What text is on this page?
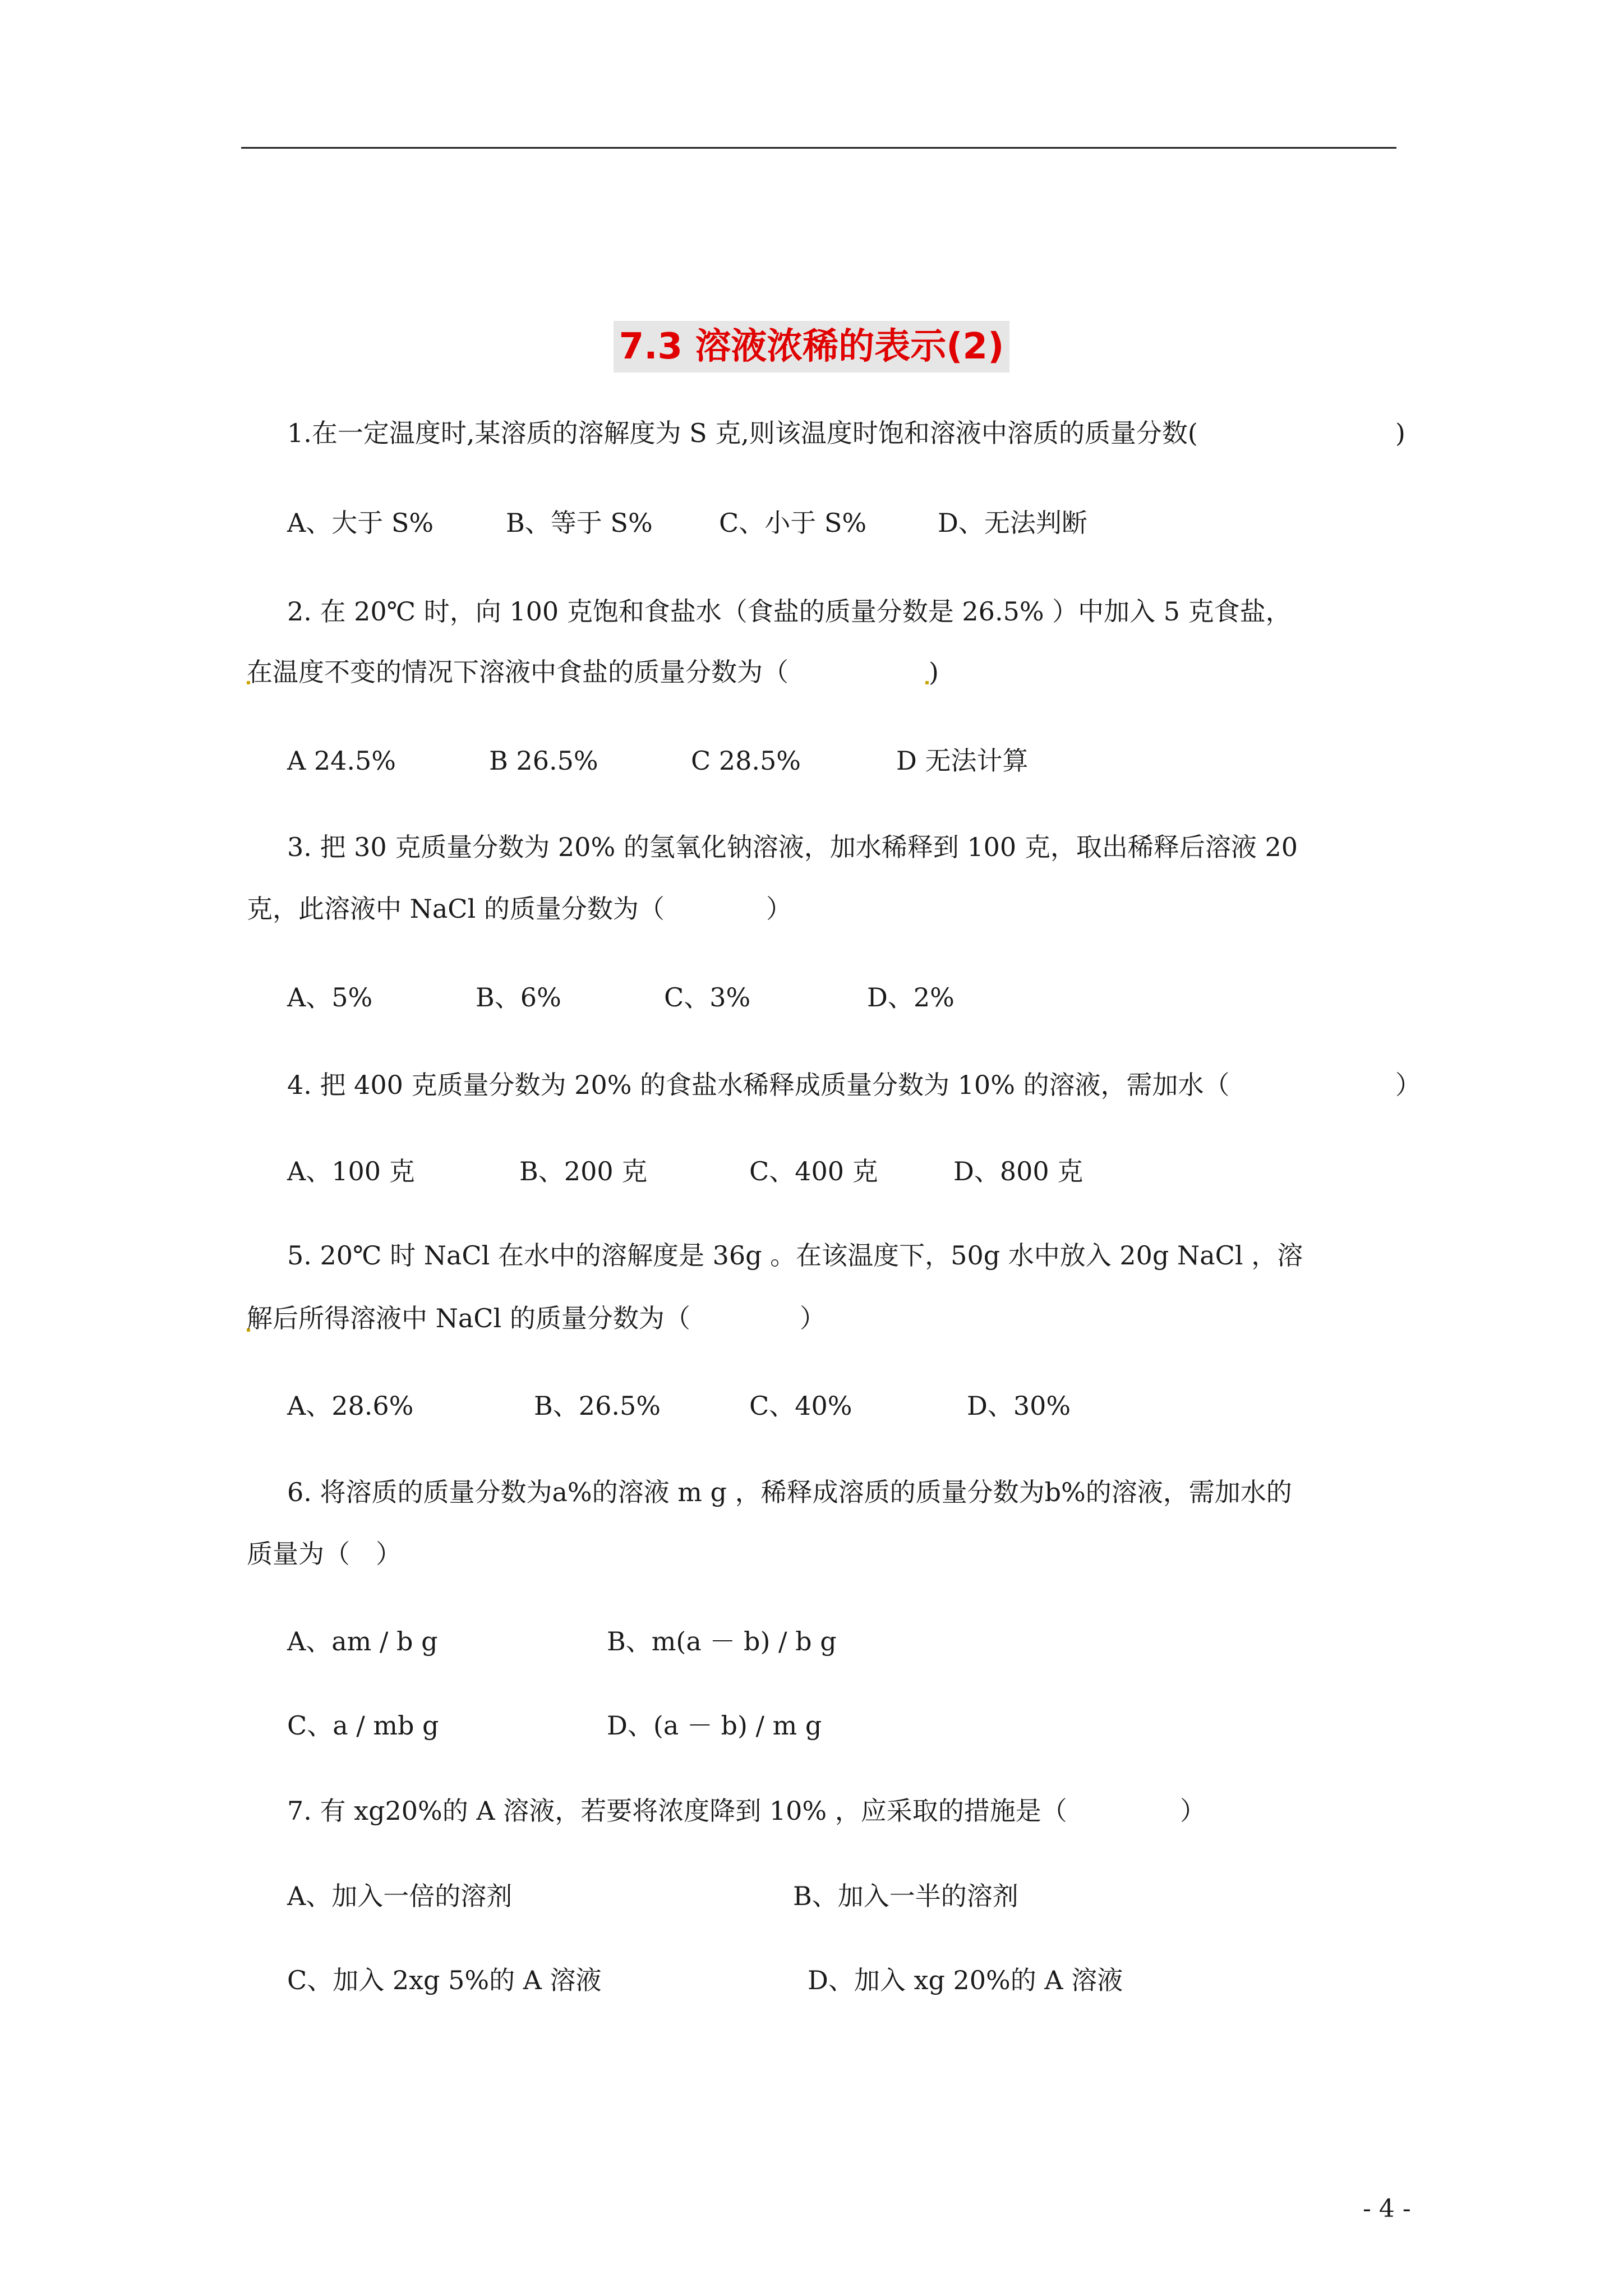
7.3 溶液浓稀的表示(2)
1.在一定温度时,某溶质的溶解度为 S 克,则该温度时饱和溶液中溶质的质量分数(	)
A、大于 S%	B、等于 S%	C、小于 S%	D、无法判断
2. 在 20℃ 时，向 100 克饱和食盐水（食盐的质量分数是 26.5% ）中加入 5 克食盐，
在温度不变的情况下溶液中食盐的质量分数为（	)
A 24.5%	B 26.5%	C 28.5%	D 无法计算
3. 把 30 克质量分数为 20% 的氢氧化钠溶液，加水稀释到 100 克，取出稀释后溶液 20
克，此溶液中 NaCl 的质量分数为（	）
A、5%	B、6%	C、3%	D、2%
4. 把 400 克质量分数为 20% 的食盐水稀释成质量分数为 10% 的溶液，需加水（	）
A、100 克	B、200 克	C、400 克	D、800 克
5. 20℃ 时 NaCl 在水中的溶解度是 36g 。在该温度下，50g 水中放入 20g NaCl ，溶
解后所得溶液中 NaCl 的质量分数为（	）
A、28.6%	B、26.5%	C、40%	D、30%
6. 将溶质的质量分数为a%的溶液 m g ，稀释成溶质的质量分数为b%的溶液，需加水的
质量为（　）
A、am / b g	B、m(a － b) / b g
C、a / mb g	D、(a － b) / m g
7. 有 xg20%的 A 溶液，若要将浓度降到 10% ，应采取的措施是（	）
A、加入一倍的溶剂	B、加入一半的溶剂
C、加入 2xg 5%的 A 溶液	D、加入 xg 20%的 A 溶液
- 4 -
